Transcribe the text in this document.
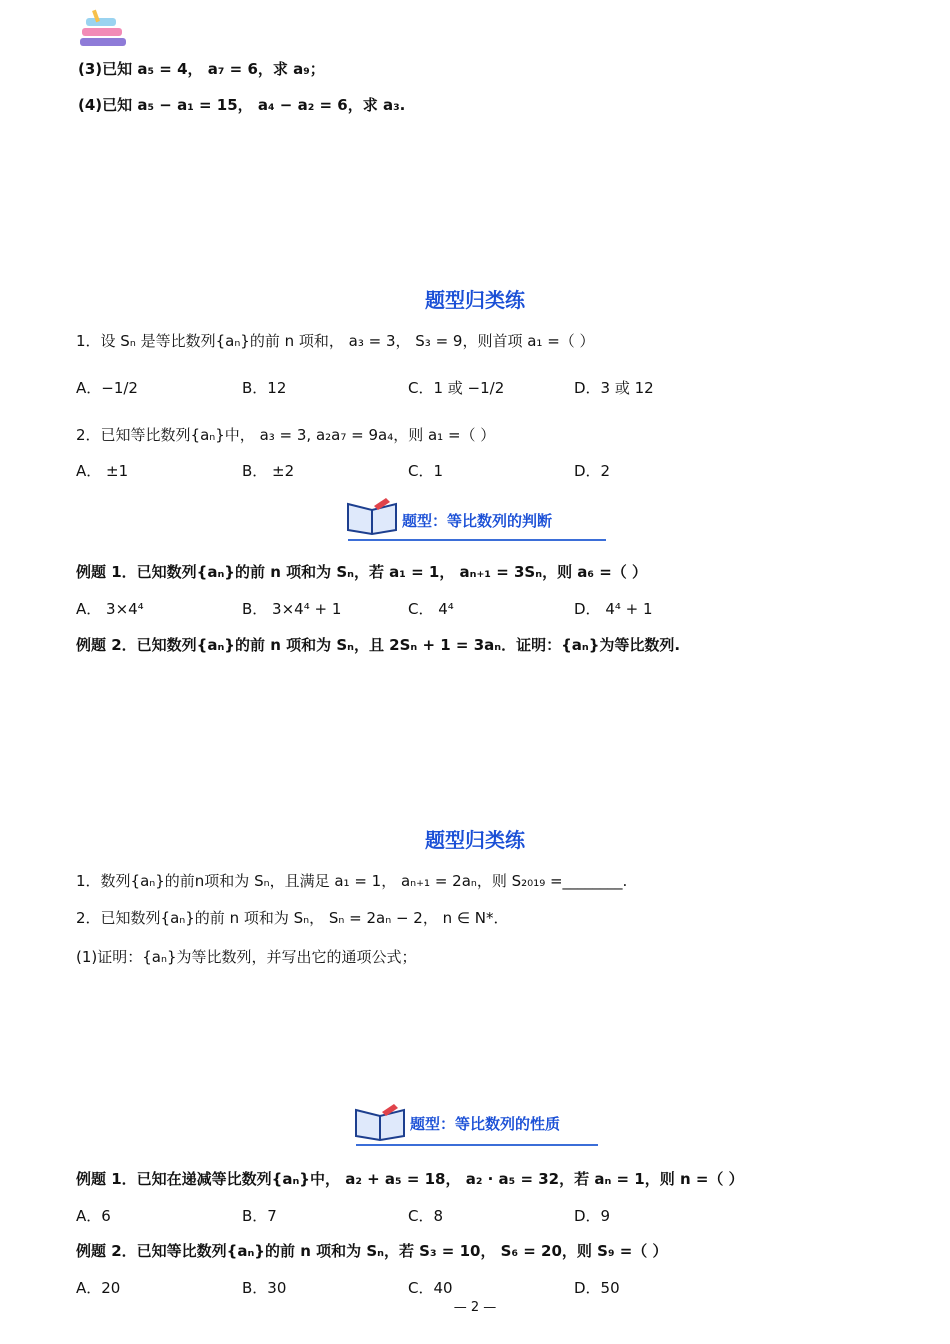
(3)已知 a₅ = 4， a₇ = 6，求 a₉；
(4)已知 a₅ − a₁ = 15， a₄ − a₂ = 6，求 a₃.
题型归类练
1．设 Sₙ 是等比数列{aₙ}的前 n 项和， a₃ = 3， S₃ = 9，则首项 a₁ =（ ）
A．−1/2	B．12	C．1 或 −1/2	D．3 或 12
2．已知等比数列{aₙ}中， a₃ = 3, a₂a₇ = 9a₄，则 a₁ =（ ）
A． ±1	B． ±2	C．1	D．2
题型：等比数列的判断
例题 1．已知数列{aₙ}的前 n 项和为 Sₙ，若 a₁ = 1， aₙ₊₁ = 3Sₙ，则 a₆ =（ ）
A． 3×4⁴	B． 3×4⁴ + 1	C． 4⁴	D． 4⁴ + 1
例题 2．已知数列{aₙ}的前 n 项和为 Sₙ，且 2Sₙ + 1 = 3aₙ．证明：{aₙ}为等比数列.
题型归类练
1．数列{aₙ}的前n项和为 Sₙ，且满足 a₁ = 1， aₙ₊₁ = 2aₙ，则 S₂₀₁₉ =________.
2．已知数列{aₙ}的前 n 项和为 Sₙ， Sₙ = 2aₙ − 2， n ∈ N*．
(1)证明：{aₙ}为等比数列，并写出它的通项公式；
题型：等比数列的性质
例题 1．已知在递减等比数列{aₙ}中， a₂ + a₅ = 18， a₂ · a₅ = 32，若 aₙ = 1，则 n =（ ）
A．6	B．7	C．8	D．9
例题 2．已知等比数列{aₙ}的前 n 项和为 Sₙ，若 S₃ = 10， S₆ = 20，则 S₉ =（ ）
A．20	B．30	C．40	D．50
— 2 —
